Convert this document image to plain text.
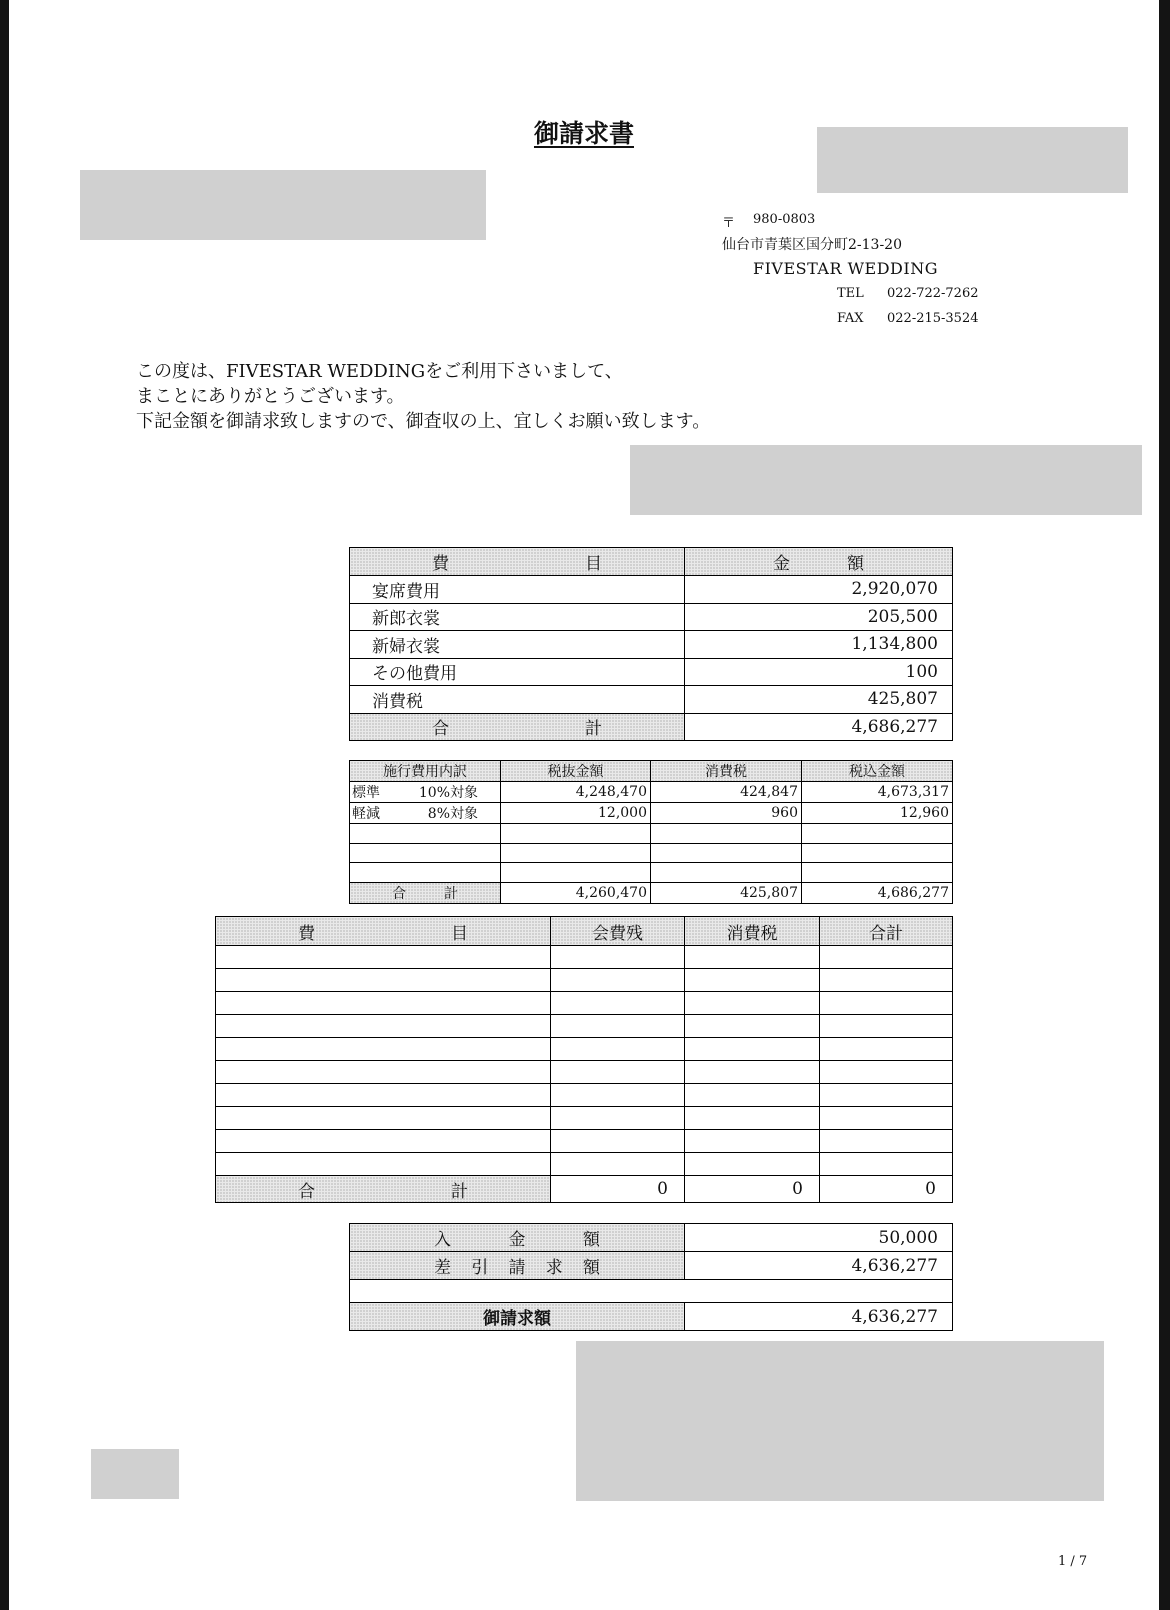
御請求書
〒 980-0803
仙台市青葉区国分町2-13-20
FIVESTAR WEDDING
TEL 022-722-7262
FAX 022-215-3524
この度は、FIVESTAR WEDDINGをご利用下さいまして、
まことにありがとうございます。
下記金額を御請求致しますので、御査収の上、宜しくお願い致します。
費 目	金 額
宴席費用	2,920,070
新郎衣裳	205,500
新婦衣裳	1,134,800
その他費用	100
消費税	425,807
合 計	4,686,277
施行費用内訳	税抜金額	消費税	税込金額

標準 10%対象	4,248,470	424,847	4,673,317

軽減 8%対象	12,000	960	12,960

合 計	4,260,470	425,807	4,686,277
費 目	会費残	消費税	合計

合 計	0	0	0
入 金 額	50,000
差 引 請 求 額	4,636,277

御請求額	4,636,277
1 / 7
